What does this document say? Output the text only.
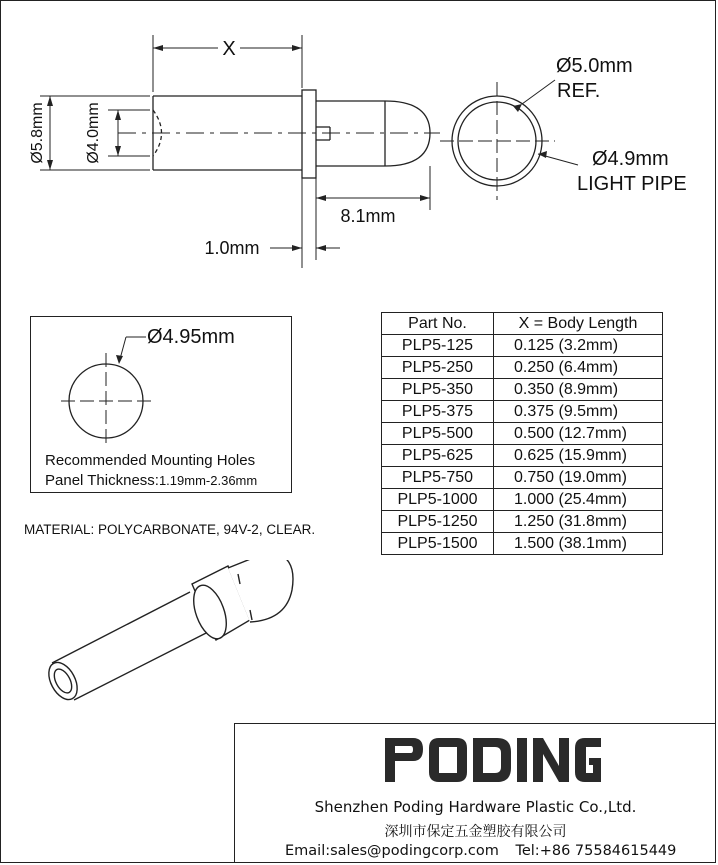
X
Ø5.8mm Ø4.0mm
8.1mm
1.0mm
Ø5.0mm
REF.
Ø4.9mm
LIGHT PIPE
Ø4.95mm
Recommended Mounting Holes
Panel Thickness:1.19mm-2.36mm
MATERIAL: POLYCARBONATE, 94V-2, CLEAR.
Part No.	X = Body Length
PLP5-125	0.125 (3.2mm)
PLP5-250	0.250 (6.4mm)
PLP5-350	0.350 (8.9mm)
PLP5-375	0.375 (9.5mm)
PLP5-500	0.500 (12.7mm)
PLP5-625	0.625 (15.9mm)
PLP5-750	0.750 (19.0mm)
PLP5-1000	1.000 (25.4mm)
PLP5-1250	1.250 (31.8mm)
PLP5-1500	1.500 (38.1mm)
Shenzhen Poding Hardware Plastic Co.,Ltd.
深圳市保定五金塑胶有限公司
Email:sales@podingcorp.com Tel:+86 75584615449
